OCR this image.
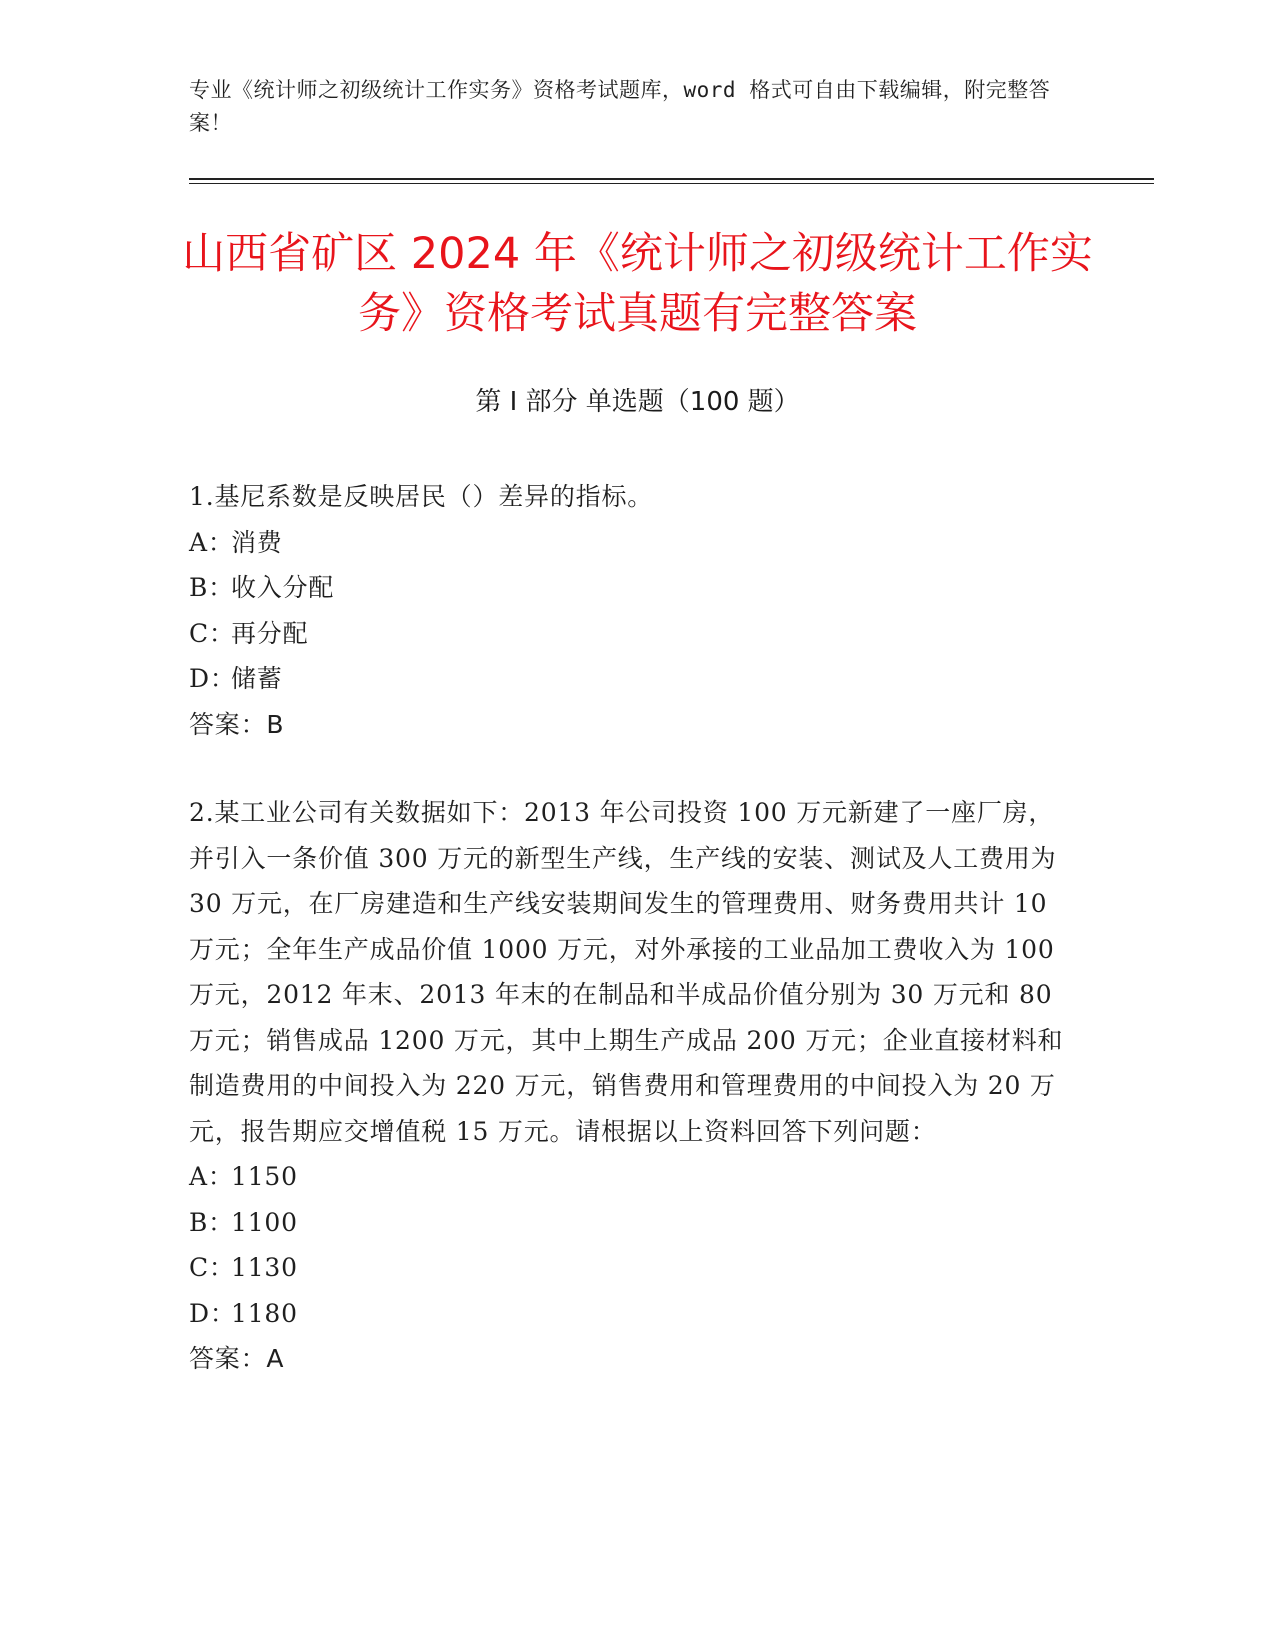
专业《统计师之初级统计工作实务》资格考试题库，word 格式可自由下载编辑，附完整答案！
山西省矿区 2024 年《统计师之初级统计工作实务》资格考试真题有完整答案
第 I 部分 单选题（100 题）

1.基尼系数是反映居民（）差异的指标。

A：消费

B：收入分配

C：再分配

D：储蓄

答案：B

2.某工业公司有关数据如下：2013 年公司投资 100 万元新建了一座厂房，并引入一条价值 300 万元的新型生产线，生产线的安装、测试及人工费用为 30 万元，在厂房建造和生产线安装期间发生的管理费用、财务费用共计 10 万元；全年生产成品价值 1000 万元，对外承接的工业品加工费收入为 100 万元，2012 年末、2013 年末的在制品和半成品价值分别为 30 万元和 80 万元；销售成品 1200 万元，其中上期生产成品 200 万元；企业直接材料和制造费用的中间投入为 220 万元，销售费用和管理费用的中间投入为 20 万元，报告期应交增值税 15 万元。请根据以上资料回答下列问题：

A：1150

B：1100

C：1130

D：1180

答案：A
